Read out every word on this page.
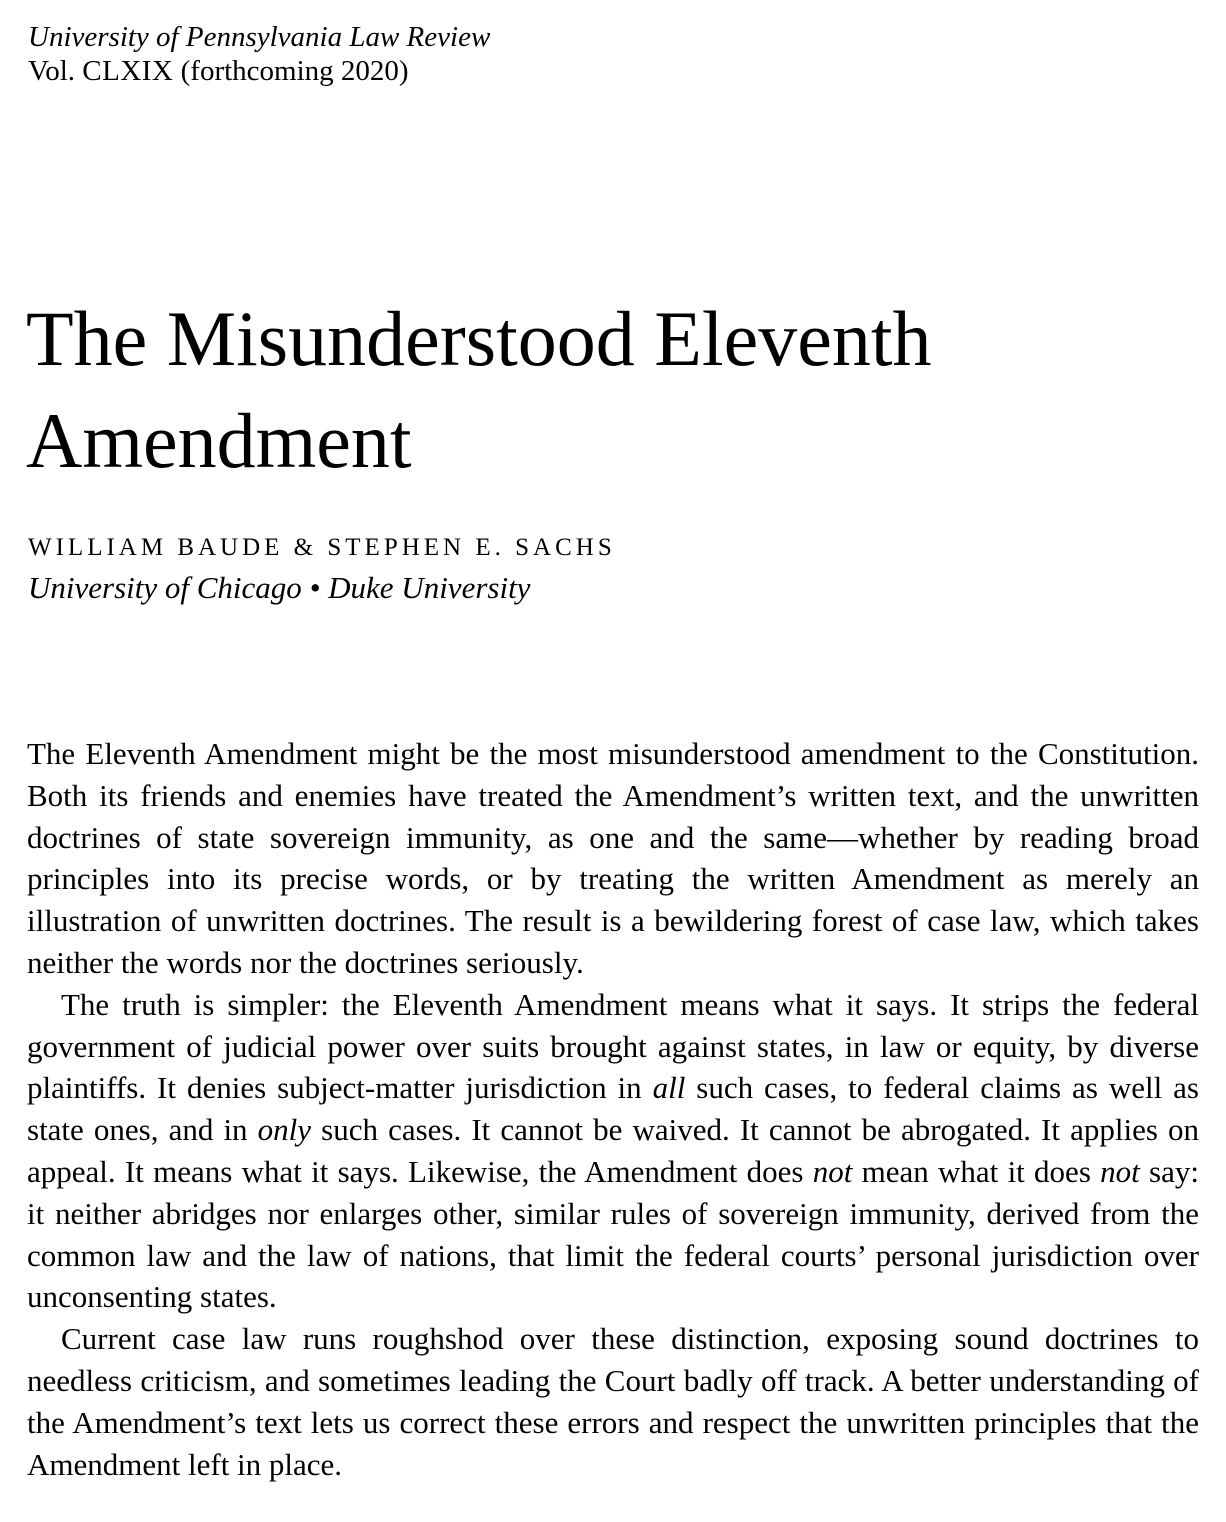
University of Pennsylvania Law Review
Vol. CLXIX (forthcoming 2020)
The Misunderstood Eleventh
Amendment
WILLIAM BAUDE & STEPHEN E. SACHS
University of Chicago • Duke University

The Eleventh Amendment might be the most misunderstood amendment to the Constitution. Both its friends and enemies have treated the Amendment’s written text, and the unwritten doctrines of state sovereign immunity, as one and the same—whether by reading broad principles into its precise words, or by treating the written Amendment as merely an illustration of unwritten doctrines. The result is a bewildering forest of case law, which takes neither the words nor the doctrines seriously.

The truth is simpler: the Eleventh Amendment means what it says. It strips the federal government of judicial power over suits brought against states, in law or equity, by diverse plaintiffs. It denies subject-matter jurisdiction in all such cases, to federal claims as well as state ones, and in only such cases. It cannot be waived. It cannot be abrogated. It applies on appeal. It means what it says. Likewise, the Amendment does not mean what it does not say: it neither abridges nor enlarges other, similar rules of sovereign immunity, derived from the common law and the law of nations, that limit the federal courts’ personal jurisdiction over unconsenting states.

Current case law runs roughshod over these distinction, exposing sound doctrines to needless criticism, and sometimes leading the Court badly off track. A better understanding of the Amendment’s text lets us correct these errors and respect the unwritten principles that the Amendment left in place.
